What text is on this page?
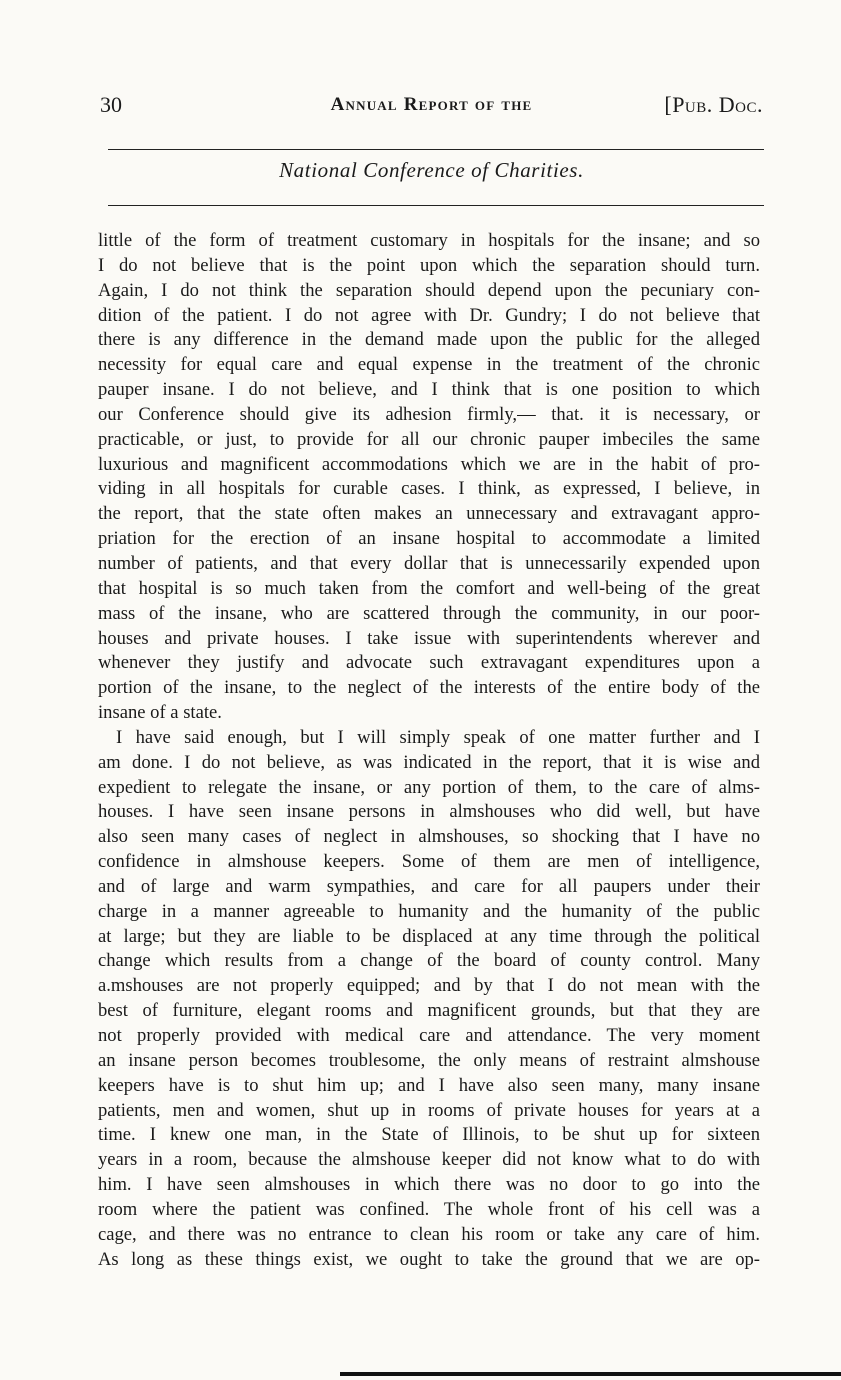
30	Annual Report of the	[Pub. Doc.
National Conference of Charities.
little of the form of treatment customary in hospitals for the insane; and so
I do not believe that is the point upon which the separation should turn.
Again, I do not think the separation should depend upon the pecuniary con-
dition of the patient. I do not agree with Dr. Gundry; I do not believe that
there is any difference in the demand made upon the public for the alleged
necessity for equal care and equal expense in the treatment of the chronic
pauper insane. I do not believe, and I think that is one position to which
our Conference should give its adhesion firmly,— that. it is necessary, or
practicable, or just, to provide for all our chronic pauper imbeciles the same
luxurious and magnificent accommodations which we are in the habit of pro-
viding in all hospitals for curable cases. I think, as expressed, I believe, in
the report, that the state often makes an unnecessary and extravagant appro-
priation for the erection of an insane hospital to accommodate a limited
number of patients, and that every dollar that is unnecessarily expended upon
that hospital is so much taken from the comfort and well-being of the great
mass of the insane, who are scattered through the community, in our poor-
houses and private houses. I take issue with superintendents wherever and
whenever they justify and advocate such extravagant expenditures upon a
portion of the insane, to the neglect of the interests of the entire body of the
insane of a state.
I have said enough, but I will simply speak of one matter further and I
am done. I do not believe, as was indicated in the report, that it is wise and
expedient to relegate the insane, or any portion of them, to the care of alms-
houses. I have seen insane persons in almshouses who did well, but have
also seen many cases of neglect in almshouses, so shocking that I have no
confidence in almshouse keepers. Some of them are men of intelligence,
and of large and warm sympathies, and care for all paupers under their
charge in a manner agreeable to humanity and the humanity of the public
at large; but they are liable to be displaced at any time through the political
change which results from a change of the board of county control. Many
a.mshouses are not properly equipped; and by that I do not mean with the
best of furniture, elegant rooms and magnificent grounds, but that they are
not properly provided with medical care and attendance. The very moment
an insane person becomes troublesome, the only means of restraint almshouse
keepers have is to shut him up; and I have also seen many, many insane
patients, men and women, shut up in rooms of private houses for years at a
time. I knew one man, in the State of Illinois, to be shut up for sixteen
years in a room, because the almshouse keeper did not know what to do with
him. I have seen almshouses in which there was no door to go into the
room where the patient was confined. The whole front of his cell was a
cage, and there was no entrance to clean his room or take any care of him.
As long as these things exist, we ought to take the ground that we are op-
